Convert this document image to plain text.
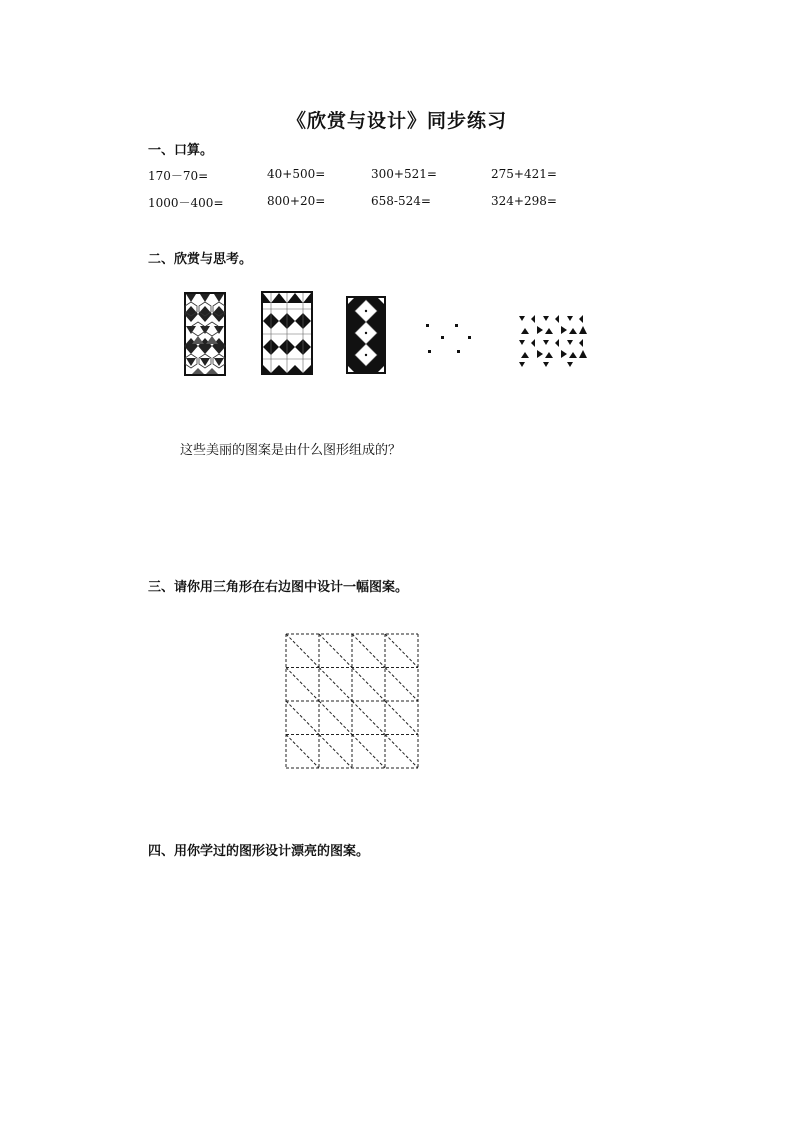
《欣赏与设计》同步练习
一、口算。
170－70=	40+500=	300+521=	275+421=
1000－400=	800+20=	658-524=	324+298=
二、欣赏与思考。
这些美丽的图案是由什么图形组成的？
三、请你用三角形在右边图中设计一幅图案。
四、用你学过的图形设计漂亮的图案。
